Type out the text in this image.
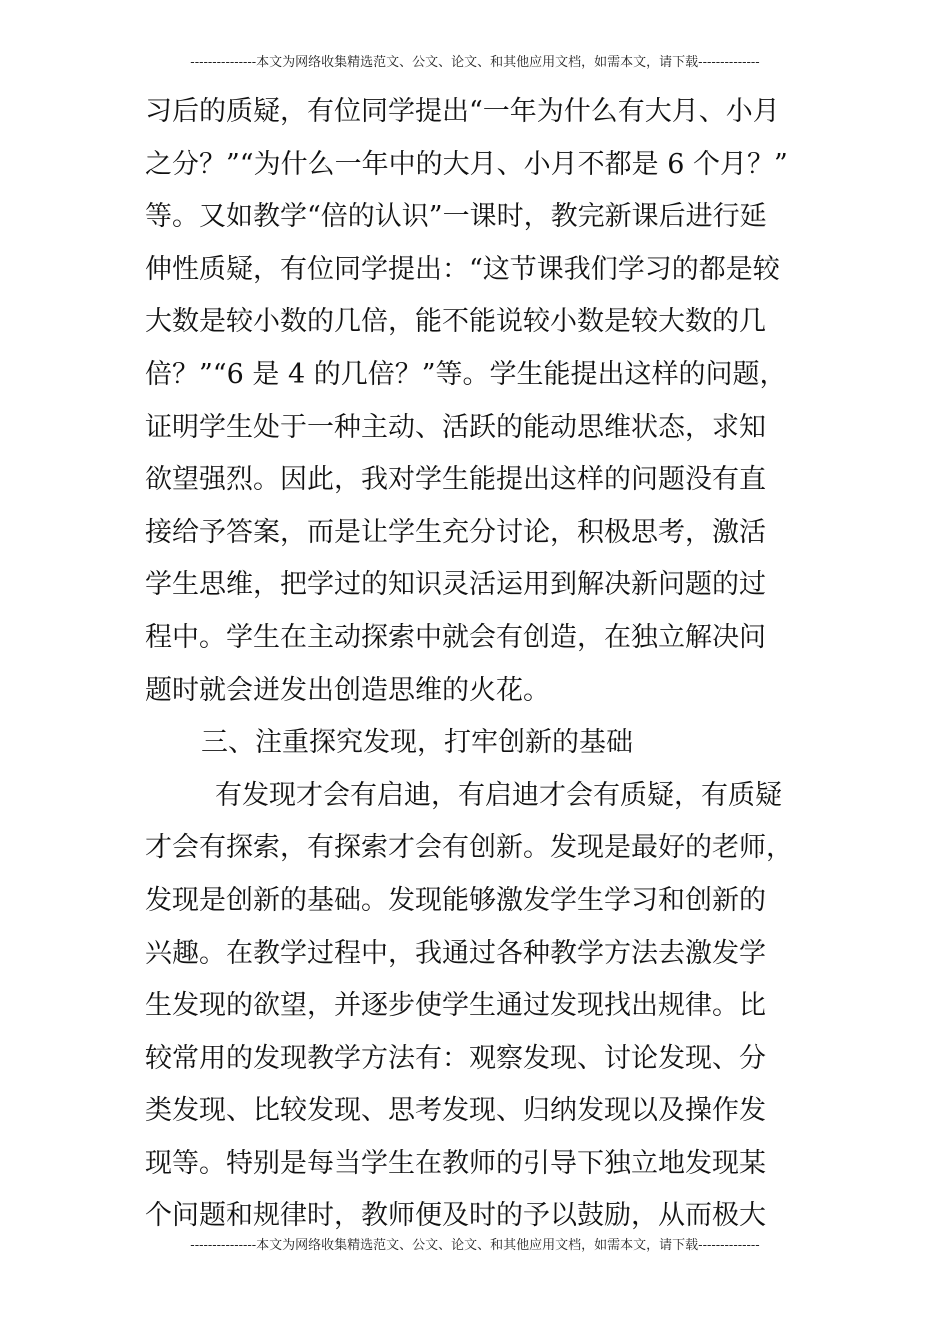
---------------本文为网络收集精选范文、公文、论文、和其他应用文档，如需本文，请下载--------------
习后的质疑，有位同学提出“一年为什么有大月、小月
之分？”“为什么一年中的大月、小月不都是 6 个月？”
等。又如教学“倍的认识”一课时，教完新课后进行延
伸性质疑，有位同学提出：“这节课我们学习的都是较
大数是较小数的几倍，能不能说较小数是较大数的几
倍？”“6 是 4 的几倍？”等。学生能提出这样的问题，
证明学生处于一种主动、活跃的能动思维状态，求知
欲望强烈。因此，我对学生能提出这样的问题没有直
接给予答案，而是让学生充分讨论，积极思考，激活
学生思维，把学过的知识灵活运用到解决新问题的过
程中。学生在主动探索中就会有创造，在独立解决问
题时就会迸发出创造思维的火花。
三、注重探究发现，打牢创新的基础
有发现才会有启迪，有启迪才会有质疑，有质疑
才会有探索，有探索才会有创新。发现是最好的老师，
发现是创新的基础。发现能够激发学生学习和创新的
兴趣。在教学过程中，我通过各种教学方法去激发学
生发现的欲望，并逐步使学生通过发现找出规律。比
较常用的发现教学方法有：观察发现、讨论发现、分
类发现、比较发现、思考发现、归纳发现以及操作发
现等。特别是每当学生在教师的引导下独立地发现某
个问题和规律时，教师便及时的予以鼓励，从而极大
---------------本文为网络收集精选范文、公文、论文、和其他应用文档，如需本文，请下载--------------
